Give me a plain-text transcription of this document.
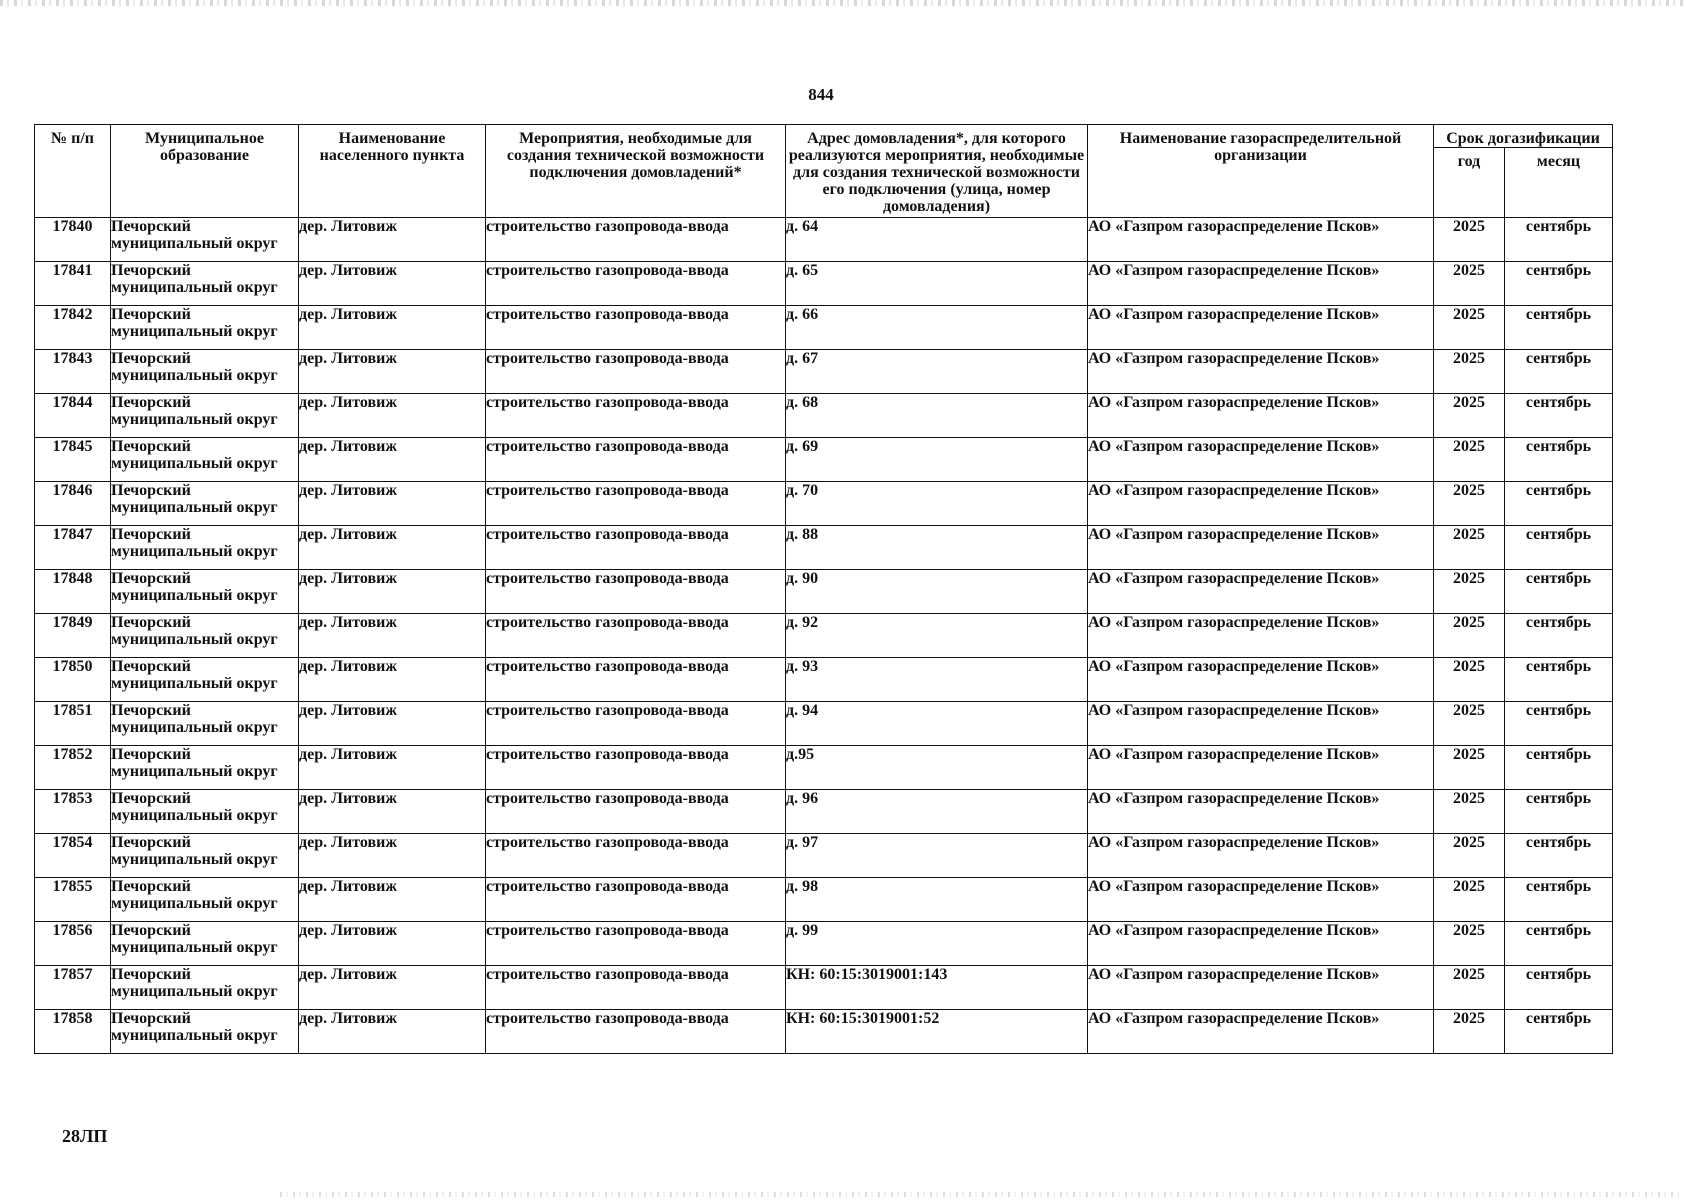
844
№ п/п	Муниципальное образование	Наименование населенного пункта	Мероприятия, необходимые для создания технической возможности подключения домовладений*	Адрес домовладения*, для которого реализуются мероприятия, необходимые для создания технической возможности его подключения (улица, номер домовладения)	Наименование газораспределительной организации	Срок догазификации	
						год	месяц
17840	Печорский муниципальный округ	дер. Литовиж	строительство газопровода-ввода	д. 64	АО «Газпром газораспределение Псков»	2025	сентябрь
17841	Печорский муниципальный округ	дер. Литовиж	строительство газопровода-ввода	д. 65	АО «Газпром газораспределение Псков»	2025	сентябрь
17842	Печорский муниципальный округ	дер. Литовиж	строительство газопровода-ввода	д. 66	АО «Газпром газораспределение Псков»	2025	сентябрь
17843	Печорский муниципальный округ	дер. Литовиж	строительство газопровода-ввода	д. 67	АО «Газпром газораспределение Псков»	2025	сентябрь
17844	Печорский муниципальный округ	дер. Литовиж	строительство газопровода-ввода	д. 68	АО «Газпром газораспределение Псков»	2025	сентябрь
17845	Печорский муниципальный округ	дер. Литовиж	строительство газопровода-ввода	д. 69	АО «Газпром газораспределение Псков»	2025	сентябрь
17846	Печорский муниципальный округ	дер. Литовиж	строительство газопровода-ввода	д. 70	АО «Газпром газораспределение Псков»	2025	сентябрь
17847	Печорский муниципальный округ	дер. Литовиж	строительство газопровода-ввода	д. 88	АО «Газпром газораспределение Псков»	2025	сентябрь
17848	Печорский муниципальный округ	дер. Литовиж	строительство газопровода-ввода	д. 90	АО «Газпром газораспределение Псков»	2025	сентябрь
17849	Печорский муниципальный округ	дер. Литовиж	строительство газопровода-ввода	д. 92	АО «Газпром газораспределение Псков»	2025	сентябрь
17850	Печорский муниципальный округ	дер. Литовиж	строительство газопровода-ввода	д. 93	АО «Газпром газораспределение Псков»	2025	сентябрь
17851	Печорский муниципальный округ	дер. Литовиж	строительство газопровода-ввода	д. 94	АО «Газпром газораспределение Псков»	2025	сентябрь
17852	Печорский муниципальный округ	дер. Литовиж	строительство газопровода-ввода	д.95	АО «Газпром газораспределение Псков»	2025	сентябрь
17853	Печорский муниципальный округ	дер. Литовиж	строительство газопровода-ввода	д. 96	АО «Газпром газораспределение Псков»	2025	сентябрь
17854	Печорский муниципальный округ	дер. Литовиж	строительство газопровода-ввода	д. 97	АО «Газпром газораспределение Псков»	2025	сентябрь
17855	Печорский муниципальный округ	дер. Литовиж	строительство газопровода-ввода	д. 98	АО «Газпром газораспределение Псков»	2025	сентябрь
17856	Печорский муниципальный округ	дер. Литовиж	строительство газопровода-ввода	д. 99	АО «Газпром газораспределение Псков»	2025	сентябрь
17857	Печорский муниципальный округ	дер. Литовиж	строительство газопровода-ввода	КН: 60:15:3019001:143	АО «Газпром газораспределение Псков»	2025	сентябрь
17858	Печорский муниципальный округ	дер. Литовиж	строительство газопровода-ввода	КН: 60:15:3019001:52	АО «Газпром газораспределение Псков»	2025	сентябрь
28ЛП
